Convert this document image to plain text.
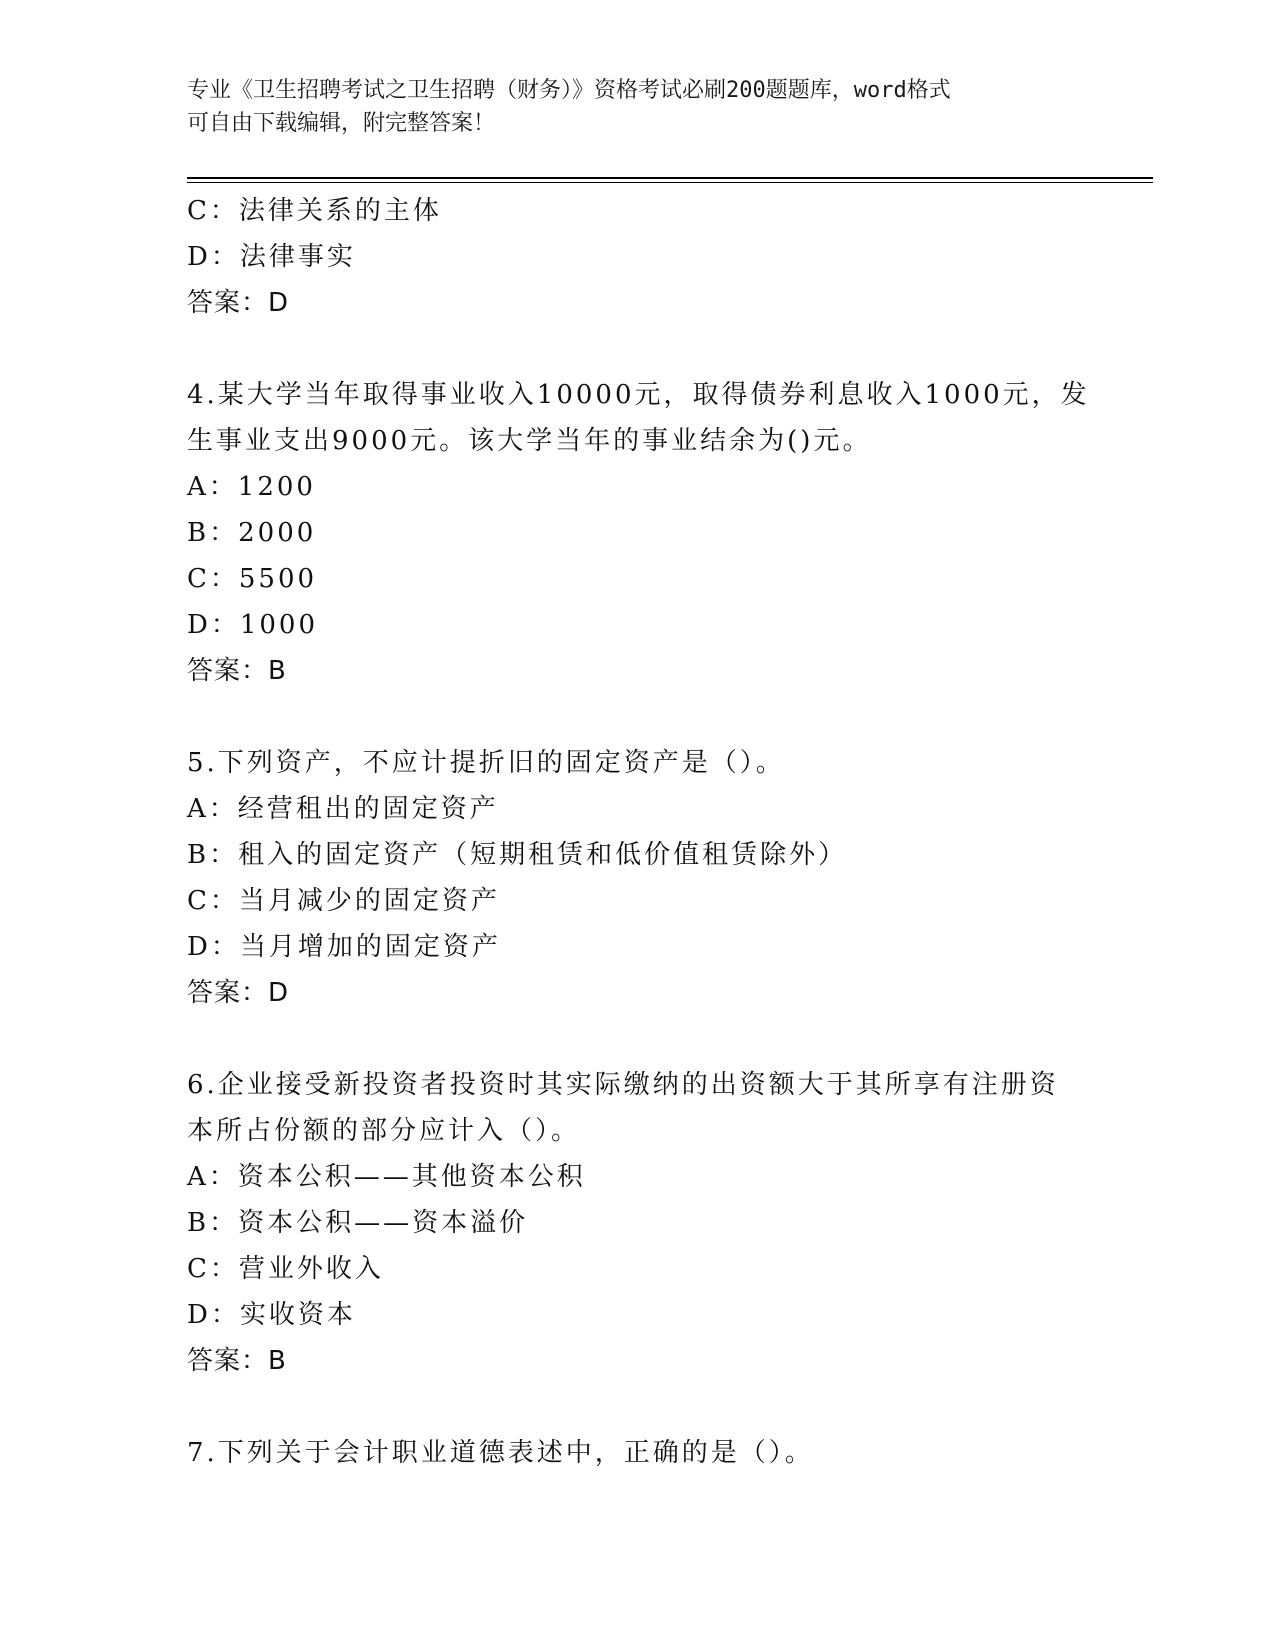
专业《卫生招聘考试之卫生招聘（财务）》资格考试必刷200题题库，word格式
可自由下载编辑，附完整答案！
C：法律关系的主体
D：法律事实
答案：D
4.某大学当年取得事业收入10000元，取得债券利息收入1000元，发
生事业支出9000元。该大学当年的事业结余为()元。
A：1200
B：2000
C：5500
D：1000
答案：B
5.下列资产，不应计提折旧的固定资产是（）。
A：经营租出的固定资产
B：租入的固定资产（短期租赁和低价值租赁除外）
C：当月减少的固定资产
D：当月增加的固定资产
答案：D
6.企业接受新投资者投资时其实际缴纳的出资额大于其所享有注册资
本所占份额的部分应计入（）。
A：资本公积——其他资本公积
B：资本公积——资本溢价
C：营业外收入
D：实收资本
答案：B
7.下列关于会计职业道德表述中，正确的是（）。
